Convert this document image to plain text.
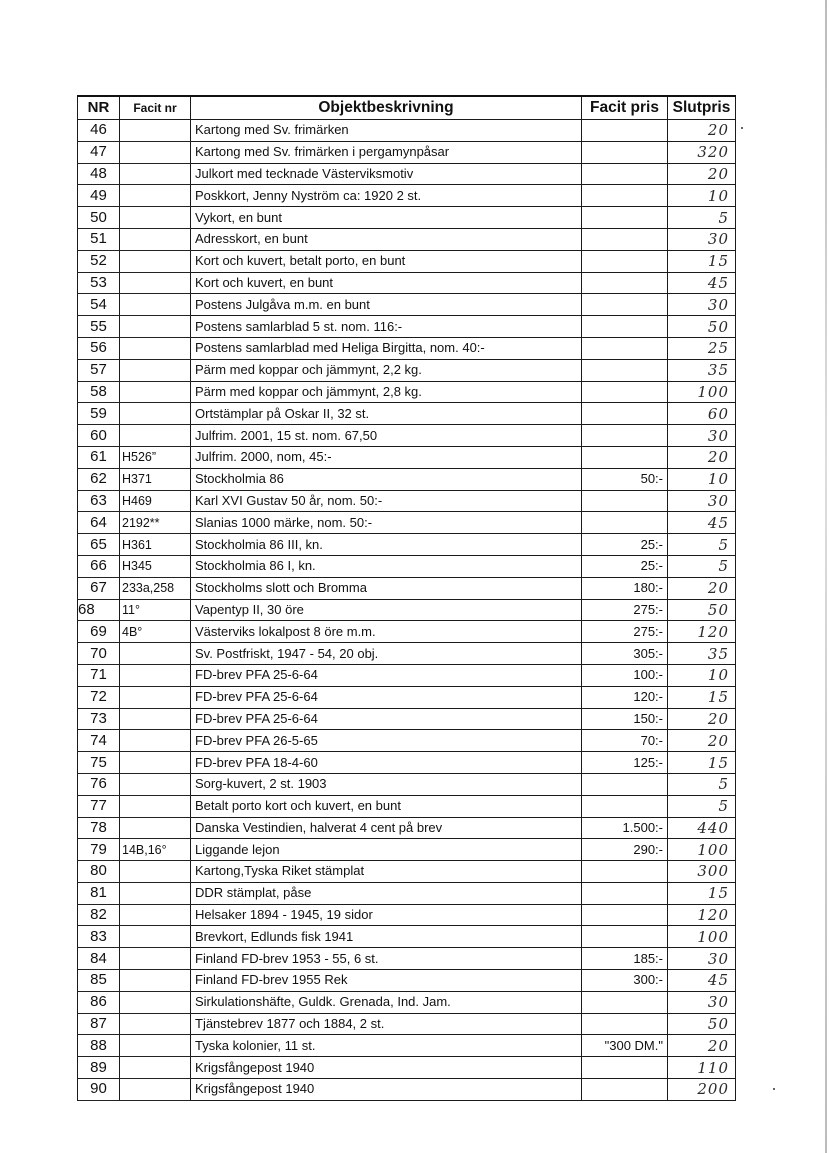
NR	Facit nr	Objektbeskrivning	Facit pris	Slutpris
46		Kartong med Sv. frimärken		20
47		Kartong med Sv. frimärken i pergamynpåsar		320
48		Julkort med tecknade Västerviksmotiv		20
49		Poskkort, Jenny Nyström ca: 1920 2 st.		10
50		Vykort, en bunt		5
51		Adresskort, en bunt		30
52		Kort och kuvert, betalt porto, en bunt		15
53		Kort och kuvert, en bunt		45
54		Postens Julgåva m.m. en bunt		30
55		Postens samlarblad 5 st. nom. 116:-		50
56		Postens samlarblad med Heliga Birgitta, nom. 40:-		25
57		Pärm med koppar och jämmynt, 2,2 kg.		35
58		Pärm med koppar och jämmynt, 2,8 kg.		100
59		Ortstämplar på Oskar II, 32 st.		60
60		Julfrim. 2001, 15 st. nom. 67,50		30
61	H526”	Julfrim. 2000, nom, 45:-		20
62	H371	Stockholmia 86	50:-	10
63	H469	Karl XVI Gustav 50 år, nom. 50:-		30
64	2192**	Slanias 1000 märke, nom. 50:-		45
65	H361	Stockholmia 86 III, kn.	25:-	5
66	H345	Stockholmia 86 I, kn.	25:-	5
67	233a,258	Stockholms slott och Bromma	180:-	20
68	11°	Vapentyp II, 30 öre	275:-	50
69	4B°	Västerviks lokalpost 8 öre m.m.	275:-	120
70		Sv. Postfriskt, 1947 - 54, 20 obj.	305:-	35
71		FD-brev PFA 25-6-64	100:-	10
72		FD-brev PFA 25-6-64	120:-	15
73		FD-brev PFA 25-6-64	150:-	20
74		FD-brev PFA 26-5-65	70:-	20
75		FD-brev PFA 18-4-60	125:-	15
76		Sorg-kuvert, 2 st. 1903		5
77		Betalt porto kort och kuvert, en bunt		5
78		Danska Vestindien, halverat 4 cent på brev	1.500:-	440
79	14B,16°	Liggande lejon	290:-	100
80		Kartong,Tyska Riket stämplat		300
81		DDR stämplat, påse		15
82		Helsaker 1894 - 1945, 19 sidor		120
83		Brevkort, Edlunds fisk 1941		100
84		Finland FD-brev 1953 - 55, 6 st.	185:-	30
85		Finland FD-brev 1955 Rek	300:-	45
86		Sirkulationshäfte, Guldk. Grenada, Ind. Jam.		30
87		Tjänstebrev 1877 och 1884, 2 st.		50
88		Tyska kolonier, 11 st.	"300 DM."	20
89		Krigsfångepost 1940		110
90		Krigsfångepost 1940		200
